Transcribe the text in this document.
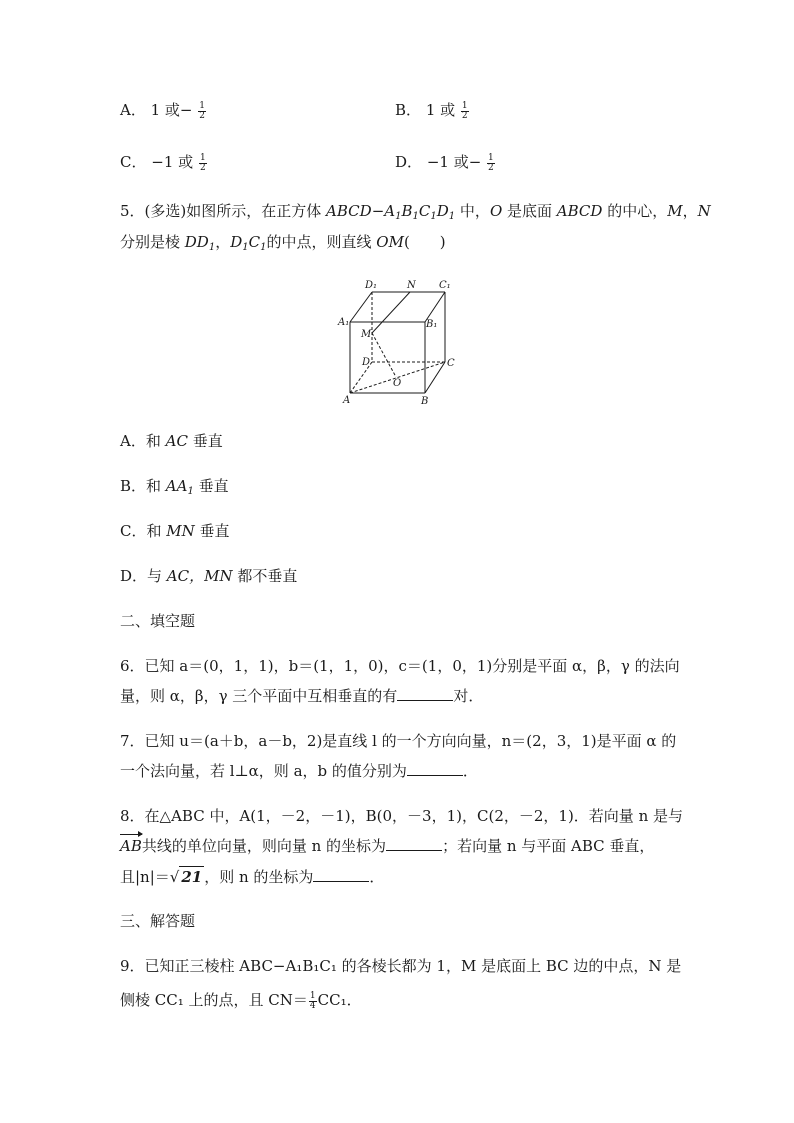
A． 1 或− $\frac{1}{2}$	B． 1 或 $\frac{1}{2}$
C． −1 或 $\frac{1}{2}$	D． −1 或− $\frac{1}{2}$
5．(多选)如图所示，在正方体 $ABCD-A_1B_1C_1D_1$ 中，O 是底面 ABCD 的中心，M，N
分别是棱 $DD_1$，$D_1C_1$的中点，则直线 OM(　　)
D₁	N C₁
A₁	B₁
M
D	C
O
A	B
A．和 AC 垂直
B．和 $AA_1$ 垂直
C．和 MN 垂直
D．与 AC，MN 都不垂直
二、填空题
6．已知 a＝(0，1，1)，b＝(1，1，0)，c＝(1，0，1)分别是平面 α，β，γ 的法向
量，则 α，β，γ 三个平面中互相垂直的有	对．
7．已知 u＝(a＋b，a－b，2)是直线 l 的一个方向向量，n＝(2，3，1)是平面 α 的
一个法向量，若 l⊥α，则 a，b 的值分别为	．
8．在△ABC 中，A(1，－2，－1)，B(0，－3，1)，C(2，－2，1)．若向量 n 是与
AB共线的单位向量，则向量 n 的坐标为	；若向量 n 与平面 ABC 垂直，
且|n|＝√ 21 ，则 n 的坐标为	．
三、解答题
9．已知正三棱柱 ABC−A₁B₁C₁ 的各棱长都为 1，M 是底面上 BC 边的中点，N 是
侧棱 CC₁ 上的点，且 $CN= \frac{1}{4} CC_1$．
